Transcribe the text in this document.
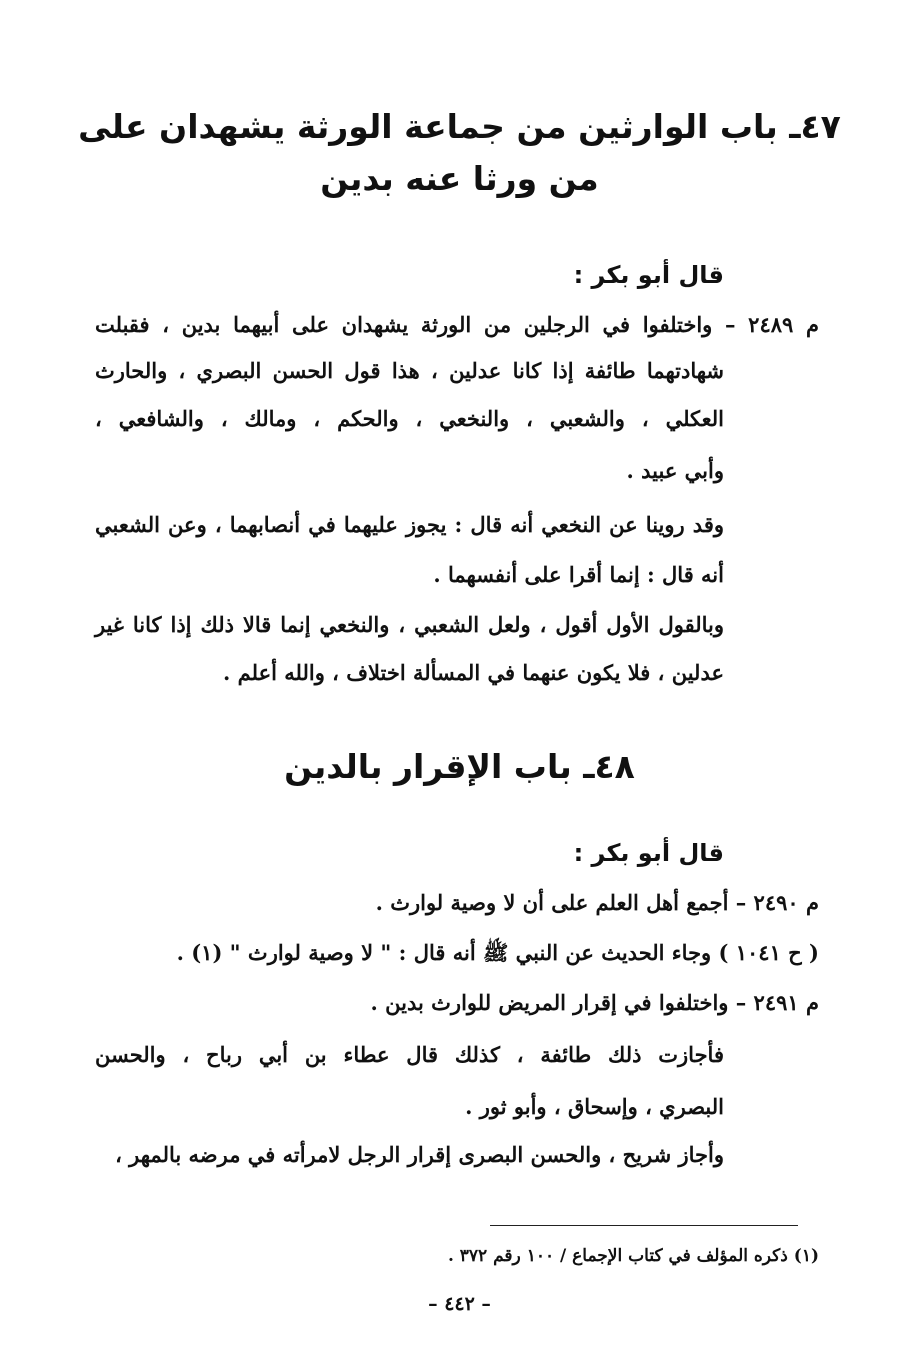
٤٧ـ باب الوارثين من جماعة الورثة يشهدان على
من ورثا عنه بدين
قال أبو بكر :
م ٢٤٨٩ – واختلفوا في الرجلين من الورثة يشهدان على أبيهما بدين ، فقبلت
شهادتهما طائفة إذا كانا عدلين ، هذا قول الحسن البصري ، والحارث
العكلي ، والشعبي ، والنخعي ، والحكم ، ومالك ، والشافعي ،
وأبي عبيد .
وقد روينا عن النخعي أنه قال : يجوز عليهما في أنصابهما ، وعن الشعبي
أنه قال : إنما أقرا على أنفسهما .
وبالقول الأول أقول ، ولعل الشعبي ، والنخعي إنما قالا ذلك إذا كانا غير
عدلين ، فلا يكون عنهما في المسألة اختلاف ، والله أعلم .
٤٨ـ باب الإقرار بالدين
قال أبو بكر :
م ٢٤٩٠ – أجمع أهل العلم على أن لا وصية لوارث .
( ح ١٠٤١ ) وجاء الحديث عن النبي ﷺ أنه قال : " لا وصية لوارث " (١) .
م ٢٤٩١ – واختلفوا في إقرار المريض للوارث بدين .
فأجازت ذلك طائفة ، كذلك قال عطاء بن أبي رباح ، والحسن
البصري ، وإسحاق ، وأبو ثور .
وأجاز شريح ، والحسن البصرى إقرار الرجل لامرأته في مرضه بالمهر ،
(١) ذكره المؤلف في كتاب الإجماع / ١٠٠ رقم ٣٧٢ .
– ٤٤٢ –
